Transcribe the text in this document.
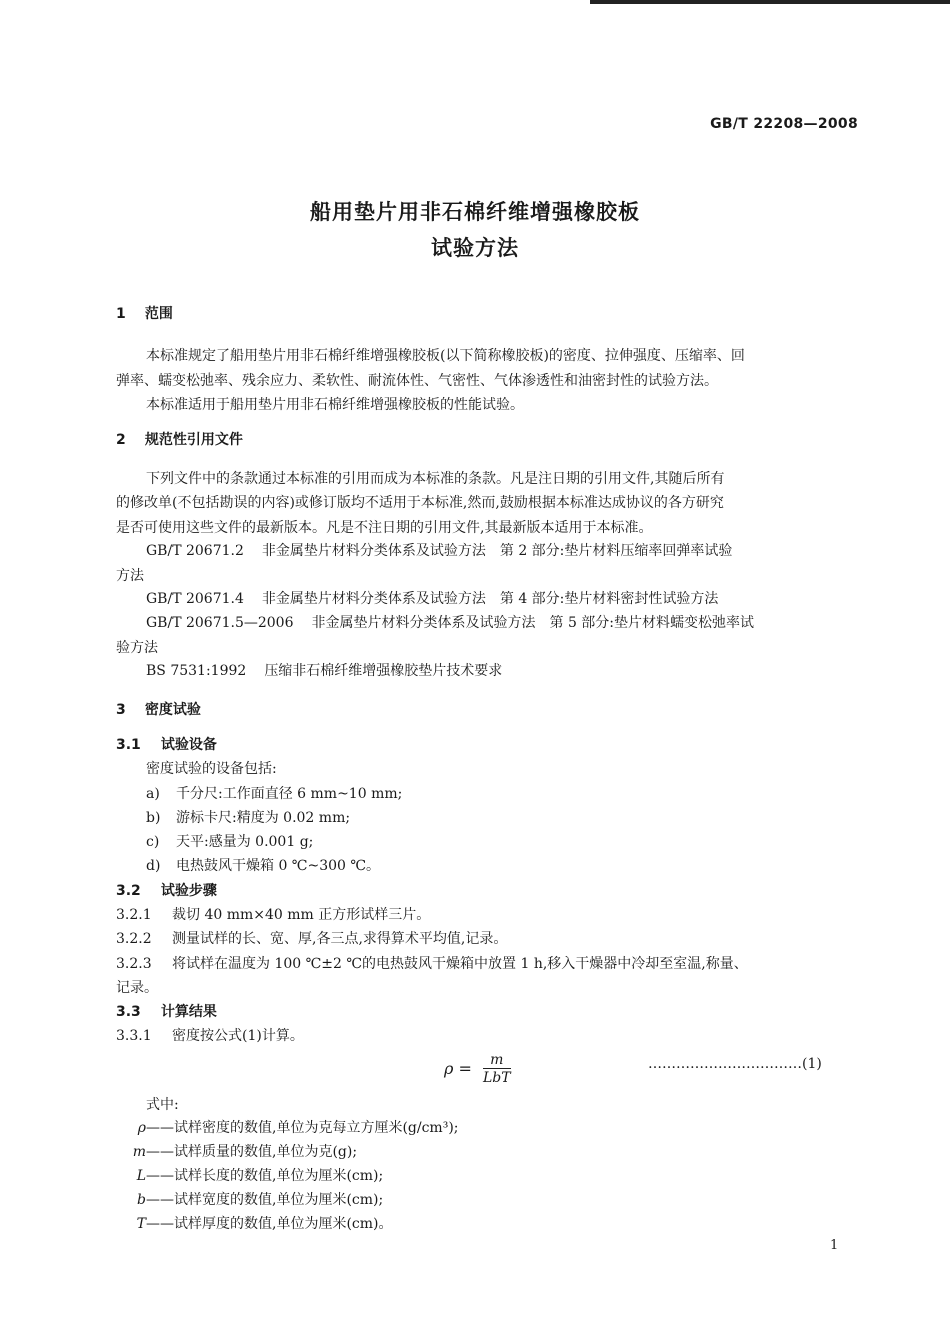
GB/T 22208—2008
船用垫片用非石棉纤维增强橡胶板
试验方法
1 范围
本标准规定了船用垫片用非石棉纤维增强橡胶板(以下简称橡胶板)的密度、拉伸强度、压缩率、回
弹率、蠕变松弛率、残余应力、柔软性、耐流体性、气密性、气体渗透性和油密封性的试验方法。
本标准适用于船用垫片用非石棉纤维增强橡胶板的性能试验。
2 规范性引用文件
下列文件中的条款通过本标准的引用而成为本标准的条款。凡是注日期的引用文件,其随后所有
的修改单(不包括勘误的内容)或修订版均不适用于本标准,然而,鼓励根据本标准达成协议的各方研究
是否可使用这些文件的最新版本。凡是不注日期的引用文件,其最新版本适用于本标准。
GB/T 20671.2 非金属垫片材料分类体系及试验方法　第 2 部分:垫片材料压缩率回弹率试验
方法
GB/T 20671.4 非金属垫片材料分类体系及试验方法　第 4 部分:垫片材料密封性试验方法
GB/T 20671.5—2006 非金属垫片材料分类体系及试验方法　第 5 部分:垫片材料蠕变松弛率试
验方法
BS 7531:1992 压缩非石棉纤维增强橡胶垫片技术要求
3 密度试验
3.1 试验设备
密度试验的设备包括:
a) 千分尺:工作面直径 6 mm~10 mm;
b) 游标卡尺:精度为 0.02 mm;
c) 天平:感量为 0.001 g;
d) 电热鼓风干燥箱 0 ℃~300 ℃。
3.2 试验步骤
3.2.1 裁切 40 mm×40 mm 正方形试样三片。
3.2.2 测量试样的长、宽、厚,各三点,求得算术平均值,记录。
3.2.3 将试样在温度为 100 ℃±2 ℃的电热鼓风干燥箱中放置 1 h,移入干燥器中冷却至室温,称量、
记录。
3.3 计算结果
3.3.1 密度按公式(1)计算。
$\rho = \frac{m}{\text{LbT}}$	……………………………(1)
式中:
ρ——试样密度的数值,单位为克每立方厘米(g/cm³);
m——试样质量的数值,单位为克(g);
L——试样长度的数值,单位为厘米(cm);
b——试样宽度的数值,单位为厘米(cm);
T——试样厚度的数值,单位为厘米(cm)。
1
